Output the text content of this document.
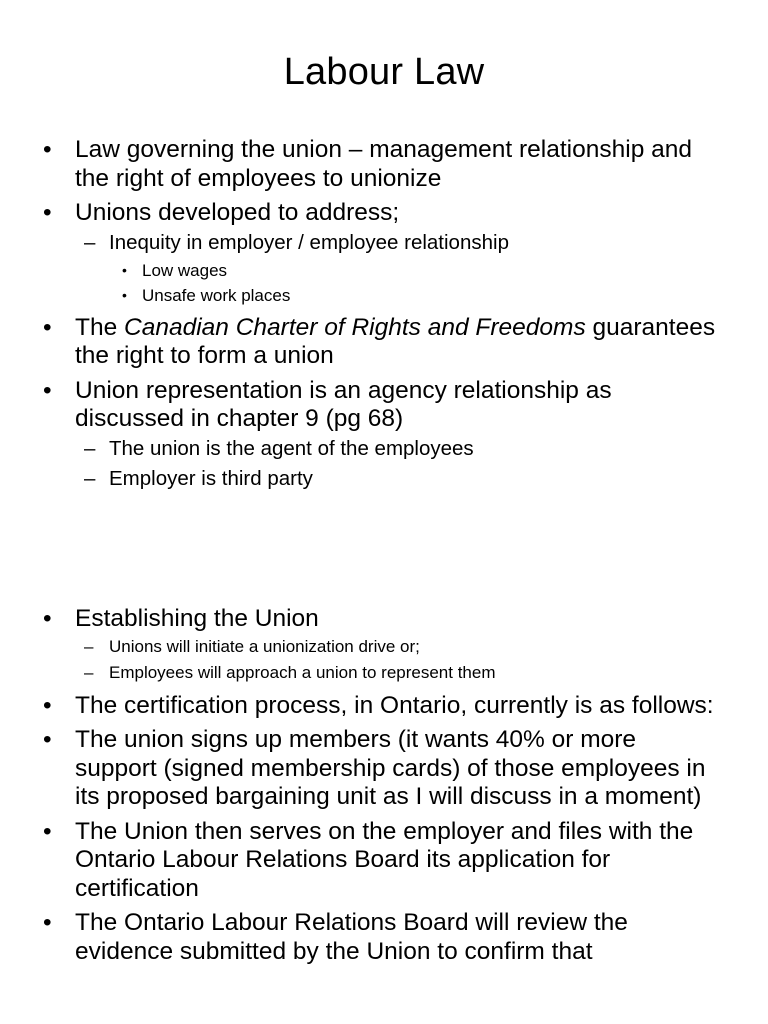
Labour Law
• Law governing the union – management relationship and the right of employees to unionize
• Unions developed to address;
– Inequity in employer / employee relationship
• Low wages
• Unsafe work places
• The Canadian Charter of Rights and Freedoms guarantees the right to form a union
• Union representation is an agency relationship as discussed in chapter 9 (pg 68)
– The union is the agent of the employees
– Employer is third party
• Establishing the Union
– Unions will initiate a unionization drive or;
– Employees will approach a union to represent them
• The certification process, in Ontario, currently is as follows:
• The union signs up members (it wants 40% or more support (signed membership cards) of those employees in its proposed bargaining unit as I will discuss in a moment)
• The Union then serves on the employer and files with the Ontario Labour Relations Board its application for certification
• The Ontario Labour Relations Board will review the evidence submitted by the Union to confirm that
